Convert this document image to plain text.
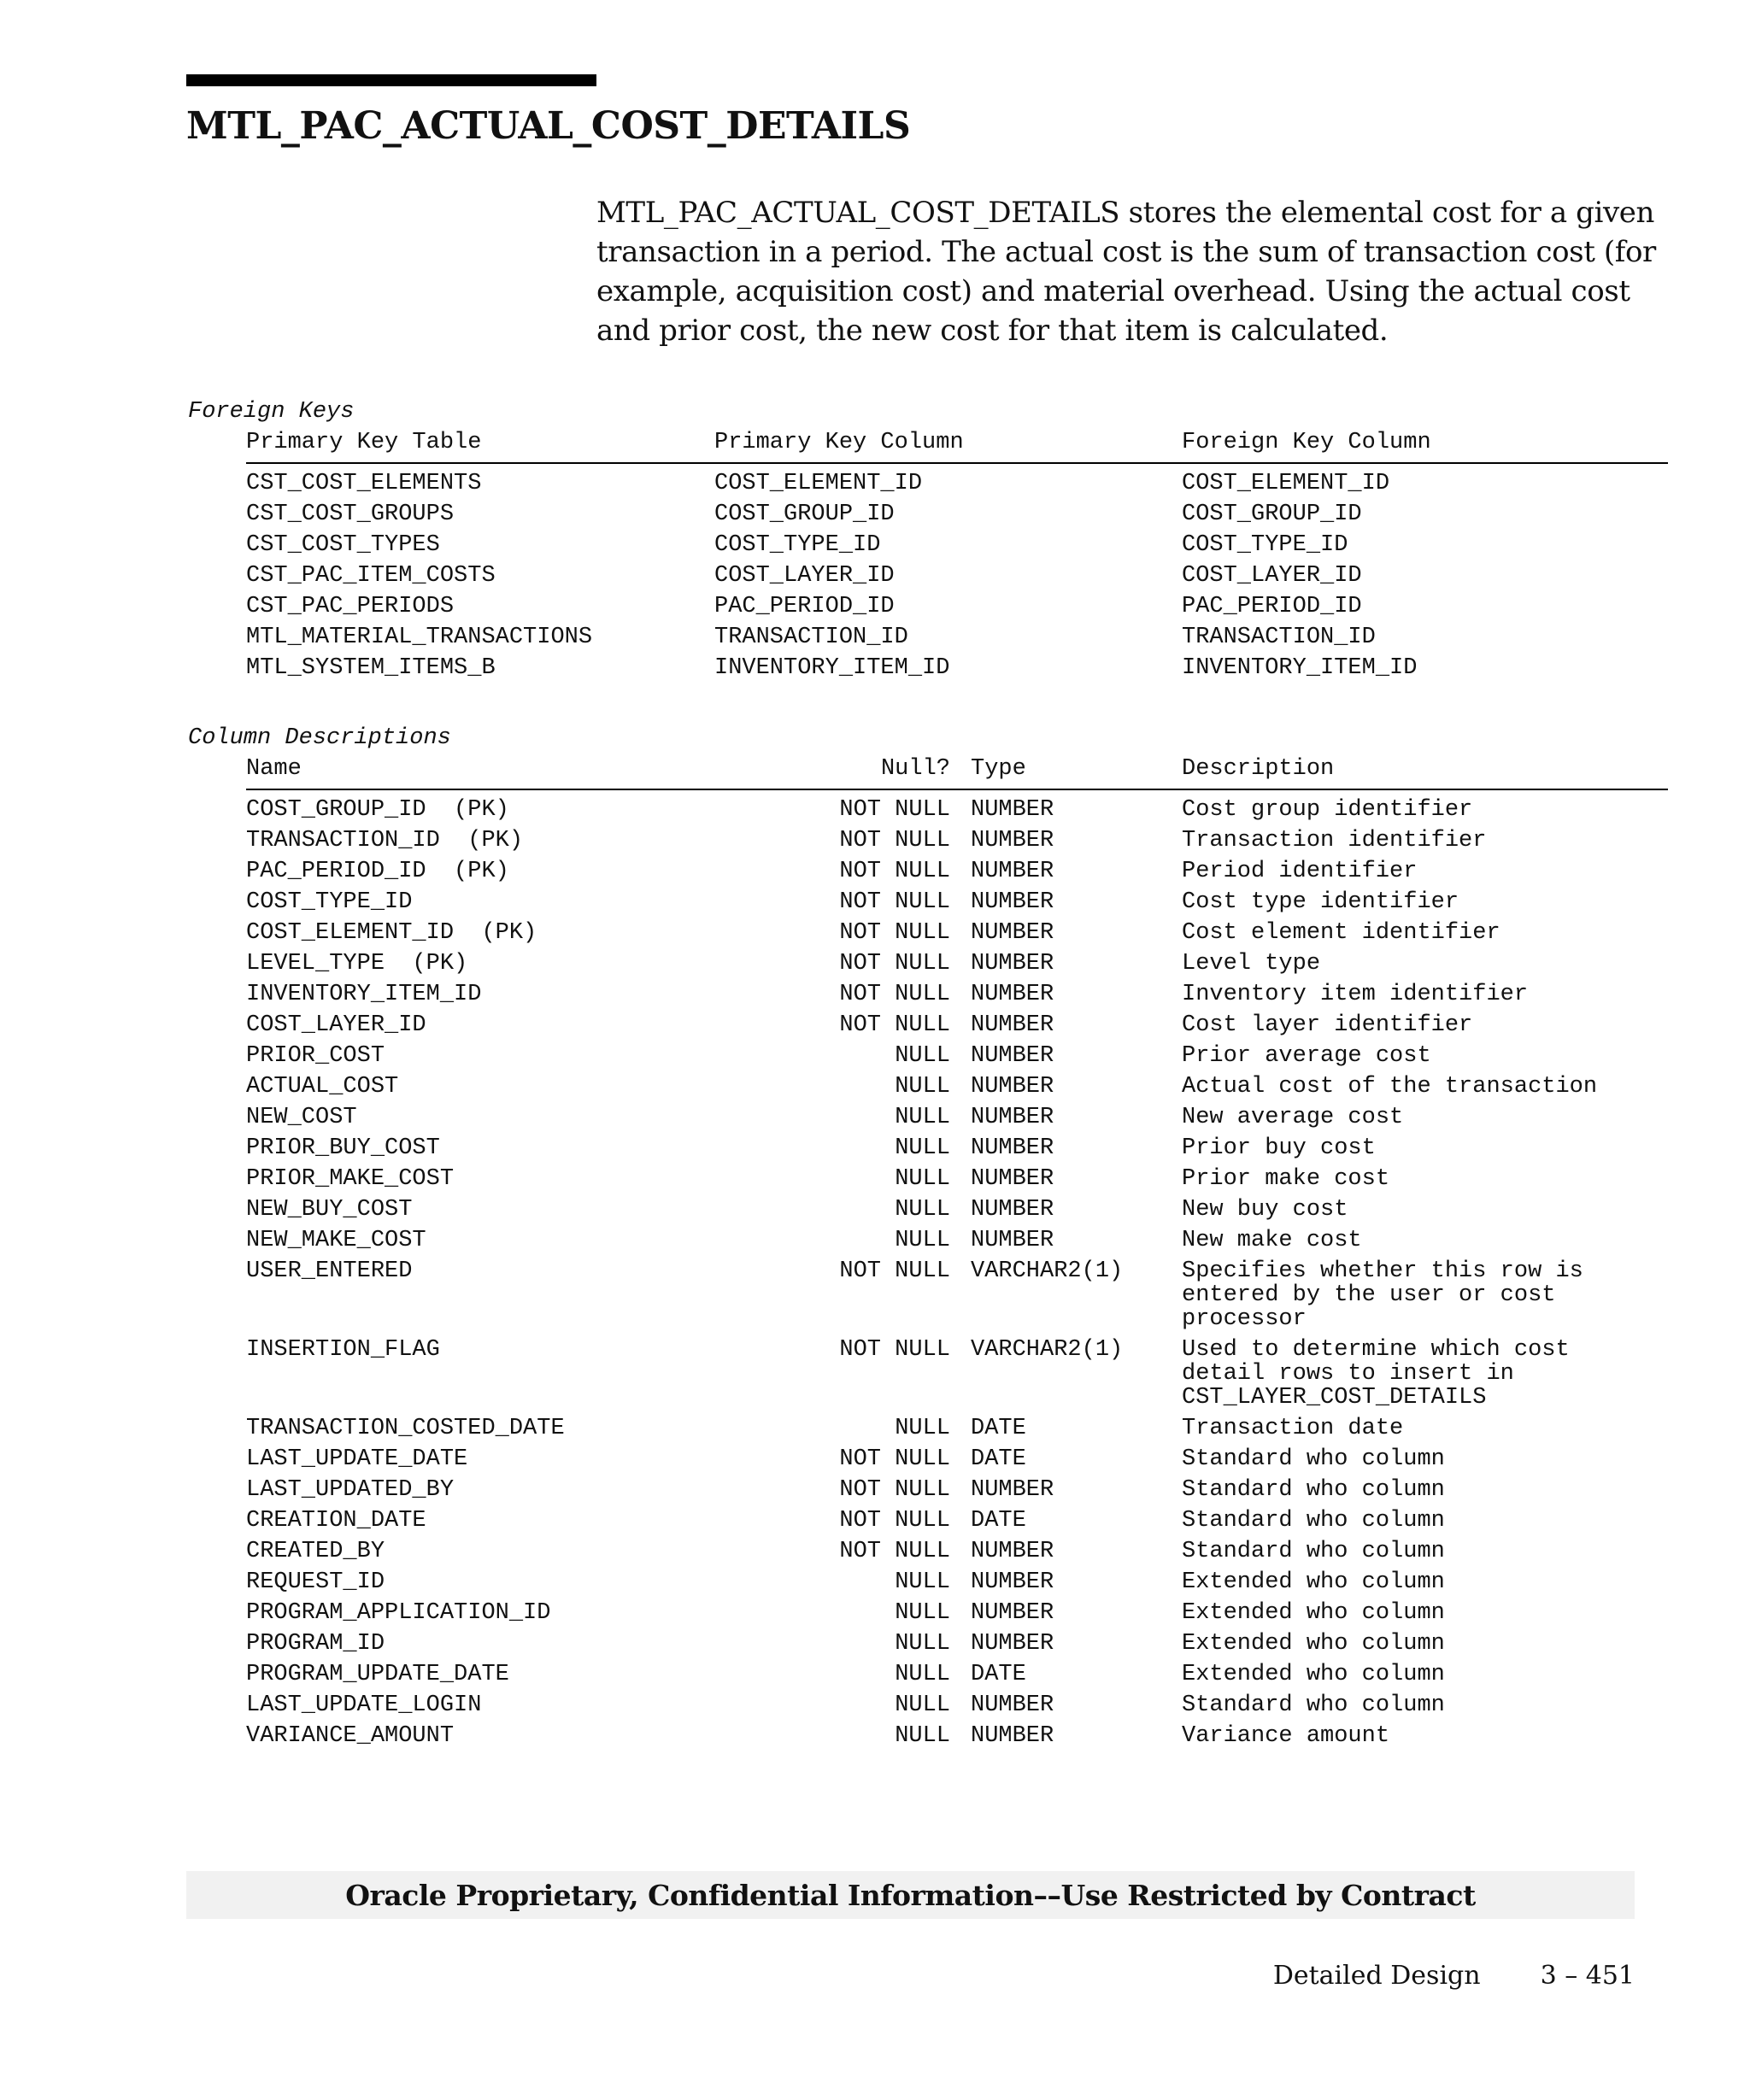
MTL_PAC_ACTUAL_COST_DETAILS

MTL_PAC_ACTUAL_COST_DETAILS stores the elemental cost for a given transaction in a period. The actual cost is the sum of transaction cost (for example, acquisition cost) and material overhead. Using the actual cost and prior cost, the new cost for that item is calculated.

Foreign Keys
Primary Key Table	Primary Key Column	Foreign Key Column
CST_COST_ELEMENTS	COST_ELEMENT_ID	COST_ELEMENT_ID
CST_COST_GROUPS	COST_GROUP_ID	COST_GROUP_ID
CST_COST_TYPES	COST_TYPE_ID	COST_TYPE_ID
CST_PAC_ITEM_COSTS	COST_LAYER_ID	COST_LAYER_ID
CST_PAC_PERIODS	PAC_PERIOD_ID	PAC_PERIOD_ID
MTL_MATERIAL_TRANSACTIONS	TRANSACTION_ID	TRANSACTION_ID
MTL_SYSTEM_ITEMS_B	INVENTORY_ITEM_ID	INVENTORY_ITEM_ID
Column Descriptions
Name	Null? Type	Description
COST_GROUP_ID  (PK)	NOT NULL NUMBER	Cost group identifier
TRANSACTION_ID  (PK)	NOT NULL NUMBER	Transaction identifier
PAC_PERIOD_ID  (PK)	NOT NULL NUMBER	Period identifier
COST_TYPE_ID	NOT NULL NUMBER	Cost type identifier
COST_ELEMENT_ID  (PK)	NOT NULL NUMBER	Cost element identifier
LEVEL_TYPE  (PK)	NOT NULL NUMBER	Level type
INVENTORY_ITEM_ID	NOT NULL NUMBER	Inventory item identifier
COST_LAYER_ID	NOT NULL NUMBER	Cost layer identifier
PRIOR_COST	NULL NUMBER	Prior average cost
ACTUAL_COST	NULL NUMBER	Actual cost of the transaction
NEW_COST	NULL NUMBER	New average cost
PRIOR_BUY_COST	NULL NUMBER	Prior buy cost
PRIOR_MAKE_COST	NULL NUMBER	Prior make cost
NEW_BUY_COST	NULL NUMBER	New buy cost
NEW_MAKE_COST	NULL NUMBER	New make cost
USER_ENTERED	NOT NULL VARCHAR2(1)	Specifies whether this row is
entered by the user or cost
processor
INSERTION_FLAG	NOT NULL VARCHAR2(1)	Used to determine which cost
detail rows to insert in
CST_LAYER_COST_DETAILS
TRANSACTION_COSTED_DATE	NULL DATE	Transaction date
LAST_UPDATE_DATE	NOT NULL DATE	Standard who column
LAST_UPDATED_BY	NOT NULL NUMBER	Standard who column
CREATION_DATE	NOT NULL DATE	Standard who column
CREATED_BY	NOT NULL NUMBER	Standard who column
REQUEST_ID	NULL NUMBER	Extended who column
PROGRAM_APPLICATION_ID	NULL NUMBER	Extended who column
PROGRAM_ID	NULL NUMBER	Extended who column
PROGRAM_UPDATE_DATE	NULL DATE	Extended who column
LAST_UPDATE_LOGIN	NULL NUMBER	Standard who column
VARIANCE_AMOUNT	NULL NUMBER	Variance amount
Oracle Proprietary, Confidential Information––Use Restricted by Contract
Detailed Design 3 – 451
